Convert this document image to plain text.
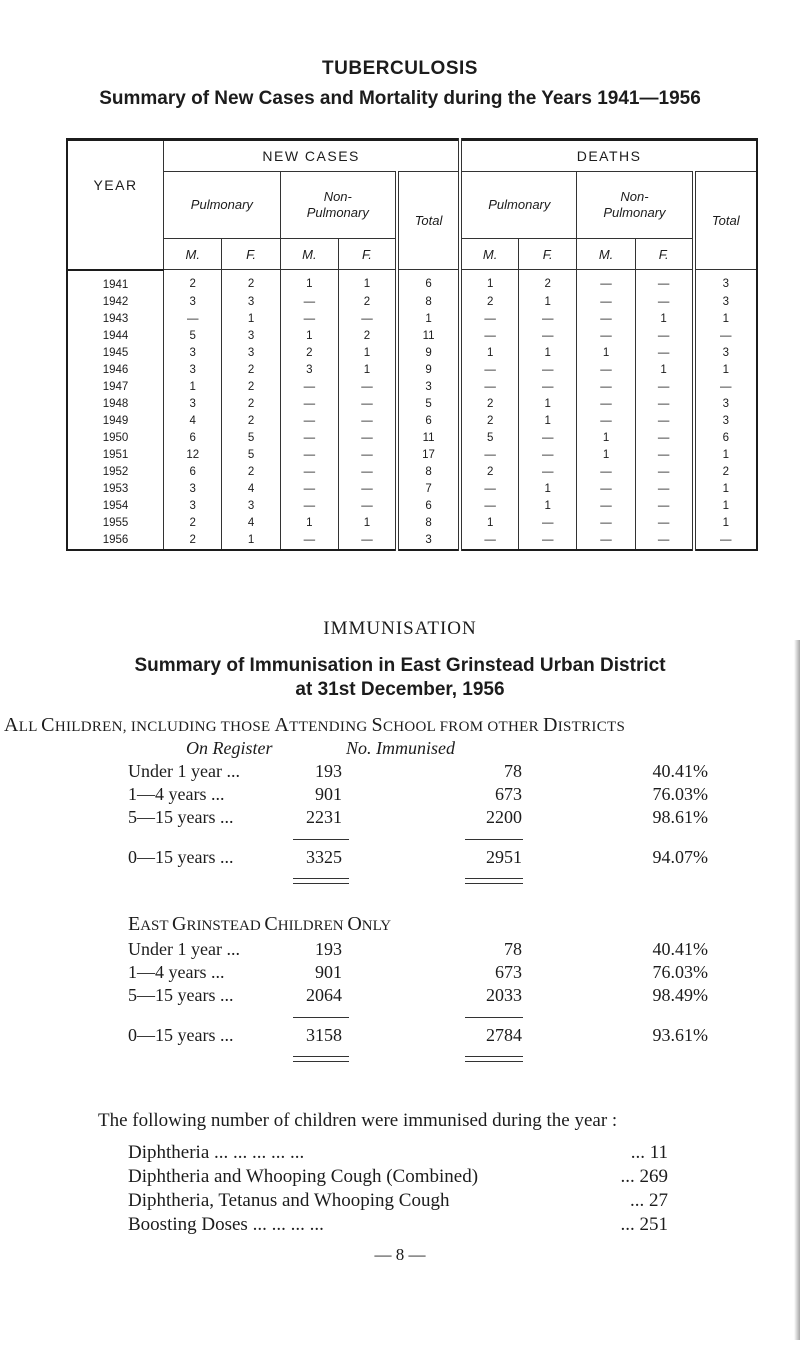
TUBERCULOSIS
Summary of New Cases and Mortality during the Years 1941—1956
YEAR	NEW CASES					DEATHS				
	Pulmonary		Non-
Pulmonary		Total	Pulmonary		Non-
Pulmonary		Total
	M.	F.	M.	F.		M.	F.	M.	F.	
1941	2	2	1	1	6	1	2	—	—	3
1942	3	3	—	2	8	2	1	—	—	3
1943	—	1	—	—	1	—	—	—	1	1
1944	5	3	1	2	11	—	—	—	—	—
1945	3	3	2	1	9	1	1	1	—	3
1946	3	2	3	1	9	—	—	—	1	1
1947	1	2	—	—	3	—	—	—	—	—
1948	3	2	—	—	5	2	1	—	—	3
1949	4	2	—	—	6	2	1	—	—	3
1950	6	5	—	—	11	5	—	1	—	6
1951	12	5	—	—	17	—	—	1	—	1
1952	6	2	—	—	8	2	—	—	—	2
1953	3	4	—	—	7	—	1	—	—	1
1954	3	3	—	—	6	—	1	—	—	1
1955	2	4	1	1	8	1	—	—	—	1
1956	2	1	—	—	3	—	—	—	—	—
IMMUNISATION
Summary of Immunisation in East Grinstead Urban District
at 31st December, 1956
ALL CHILDREN, INCLUDING THOSE ATTENDING SCHOOL FROM OTHER DISTRICTS
On Register	No. Immunised
Under 1 year ...	193	78	40.41%
1—4 years ...	901	673	76.03%
5—15 years ...	2231	2200	98.61%
0—15 years ...	3325	2951	94.07%
EAST GRINSTEAD CHILDREN ONLY
Under 1 year ...	193	78	40.41%
1—4 years ...	901	673	76.03%
5—15 years ...	2064	2033	98.49%
0—15 years ...	3158	2784	93.61%
The following number of children were immunised during the year :
Diphtheria ... ... ... ... ...	... 11
Diphtheria and Whooping Cough (Combined)	... 269
Diphtheria, Tetanus and Whooping Cough	... 27
Boosting Doses ... ... ... ...	... 251
— 8 —
